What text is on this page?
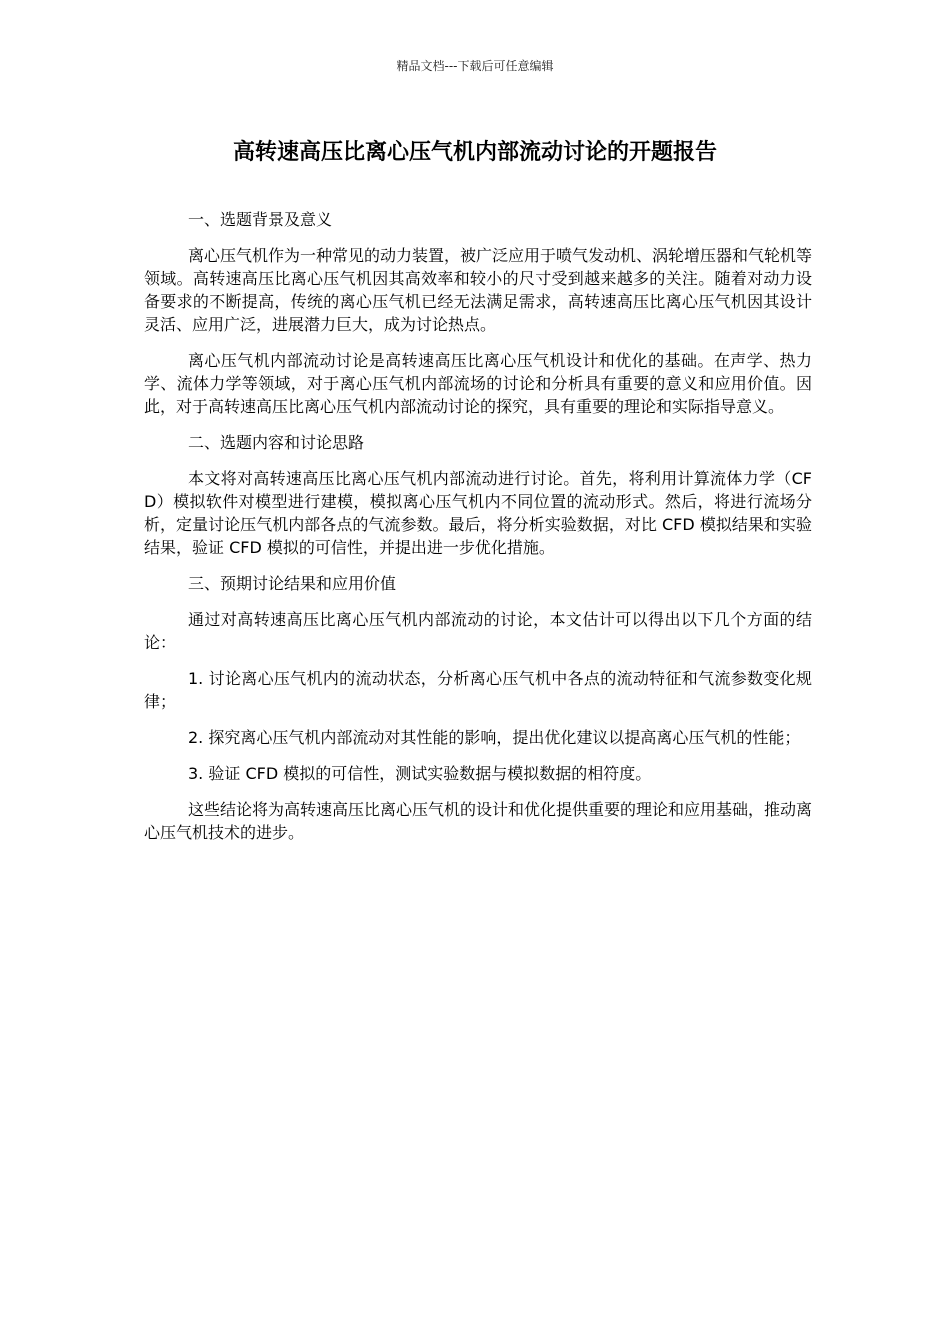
精品文档---下载后可任意编辑
高转速高压比离心压气机内部流动讨论的开题报告

一、选题背景及意义

离心压气机作为一种常见的动力装置，被广泛应用于喷气发动机、涡轮增压器和气轮机等领域。高转速高压比离心压气机因其高效率和较小的尺寸受到越来越多的关注。随着对动力设备要求的不断提高，传统的离心压气机已经无法满足需求，高转速高压比离心压气机因其设计灵活、应用广泛，进展潜力巨大，成为讨论热点。

离心压气机内部流动讨论是高转速高压比离心压气机设计和优化的基础。在声学、热力学、流体力学等领域，对于离心压气机内部流场的讨论和分析具有重要的意义和应用价值。因此，对于高转速高压比离心压气机内部流动讨论的探究，具有重要的理论和实际指导意义。

二、选题内容和讨论思路

本文将对高转速高压比离心压气机内部流动进行讨论。首先，将利用计算流体力学（CFD）模拟软件对模型进行建模，模拟离心压气机内不同位置的流动形式。然后，将进行流场分析，定量讨论压气机内部各点的气流参数。最后，将分析实验数据，对比 CFD 模拟结果和实验结果，验证 CFD 模拟的可信性，并提出进一步优化措施。

三、预期讨论结果和应用价值

通过对高转速高压比离心压气机内部流动的讨论，本文估计可以得出以下几个方面的结论：

1. 讨论离心压气机内的流动状态，分析离心压气机中各点的流动特征和气流参数变化规律；

2. 探究离心压气机内部流动对其性能的影响，提出优化建议以提高离心压气机的性能；

3. 验证 CFD 模拟的可信性，测试实验数据与模拟数据的相符度。

这些结论将为高转速高压比离心压气机的设计和优化提供重要的理论和应用基础，推动离心压气机技术的进步。
